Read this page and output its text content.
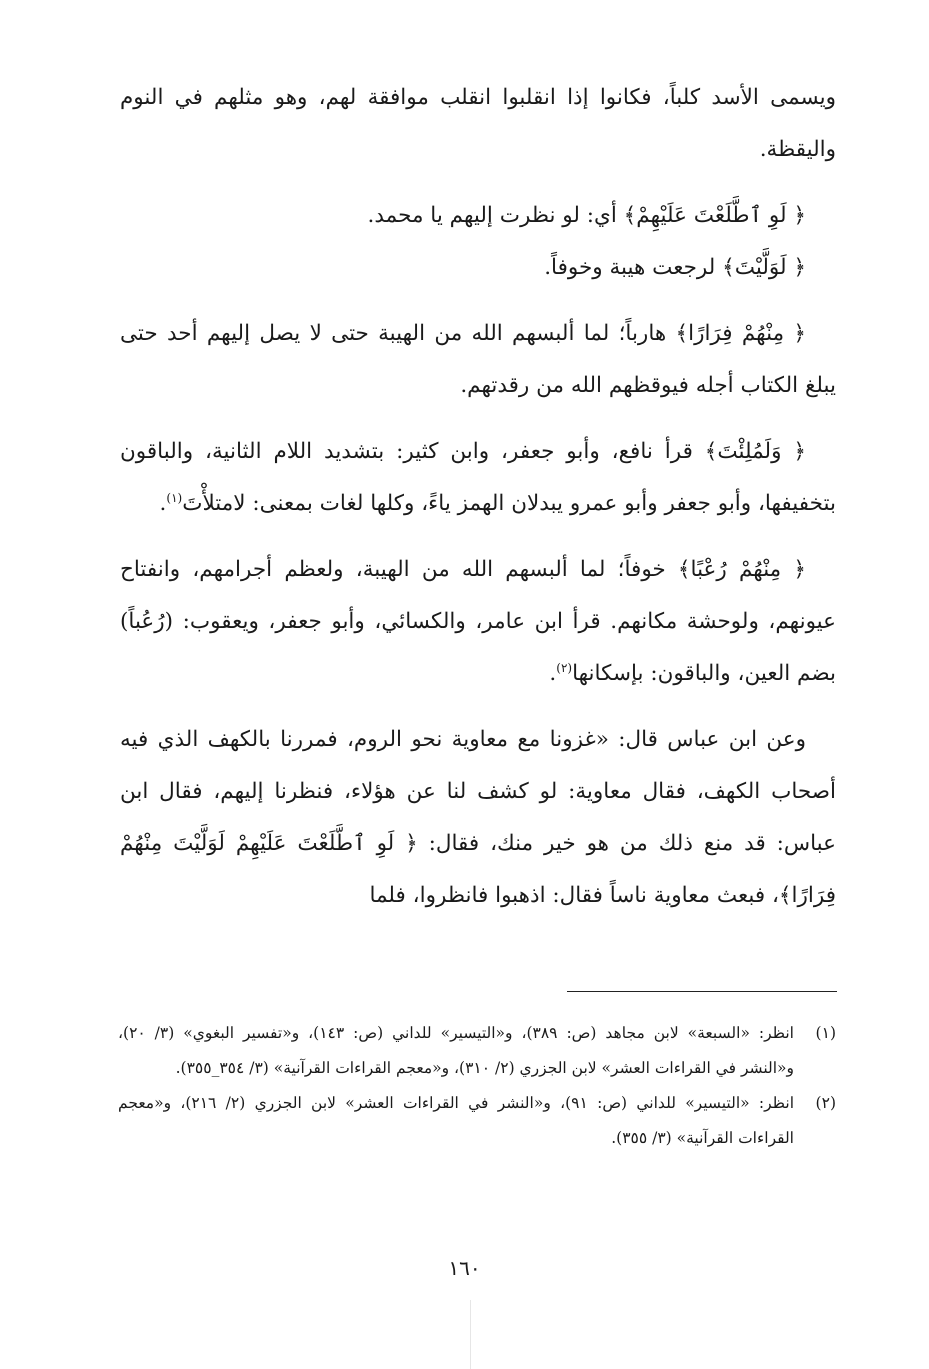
ويسمى الأسد كلباً، فكانوا إذا انقلبوا انقلب موافقة لهم، وهو مثلهم في النوم واليقظة.

﴿ لَوِ ٱطَّلَعْتَ عَلَيْهِمْ﴾ أي: لو نظرت إليهم يا محمد.

﴿ لَوَلَّيْتَ﴾ لرجعت هيبة وخوفاً.

﴿ مِنْهُمْ فِرَارًا﴾ هارباً؛ لما ألبسهم الله من الهيبة حتى لا يصل إليهم أحد حتى يبلغ الكتاب أجله فيوقظهم الله من رقدتهم.

﴿ وَلَمُلِئْتَ﴾ قرأ نافع، وأبو جعفر، وابن كثير: بتشديد اللام الثانية، والباقون بتخفيفها، وأبو جعفر وأبو عمرو يبدلان الهمز ياءً، وكلها لغات بمعنى: لامتلأْتَ$^{(١)}$.

﴿ مِنْهُمْ رُعْبًا﴾ خوفاً؛ لما ألبسهم الله من الهيبة، ولعظم أجرامهم، وانفتاح عيونهم، ولوحشة مكانهم. قرأ ابن عامر، والكسائي، وأبو جعفر، ويعقوب: (رُعُباً) بضم العين، والباقون: بإسكانها$^{(٢)}$.

وعن ابن عباس قال: «غزونا مع معاوية نحو الروم، فمررنا بالكهف الذي فيه أصحاب الكهف، فقال معاوية: لو كشف لنا عن هؤلاء، فنظرنا إليهم، فقال ابن عباس: قد منع ذلك من هو خير منك، فقال: ﴿ لَوِ ٱطَّلَعْتَ عَلَيْهِمْ لَوَلَّيْتَ مِنْهُمْ فِرَارًا﴾، فبعث معاوية ناساً فقال: اذهبوا فانظروا، فلما

(١)
انظر: «السبعة» لابن مجاهد (ص: ٣٨٩)، و«التيسير» للداني (ص: ١٤٣)، و«تفسير البغوي» (٣/ ٢٠)، و«النشر في القراءات العشر» لابن الجزري (٢/ ٣١٠)، و«معجم القراءات القرآنية» (٣/ ٣٥٤_٣٥٥).
(٢)
انظر: «التيسير» للداني (ص: ٩١)، و«النشر في القراءات العشر» لابن الجزري (٢/ ٢١٦)، و«معجم القراءات القرآنية» (٣/ ٣٥٥).
١٦٠
